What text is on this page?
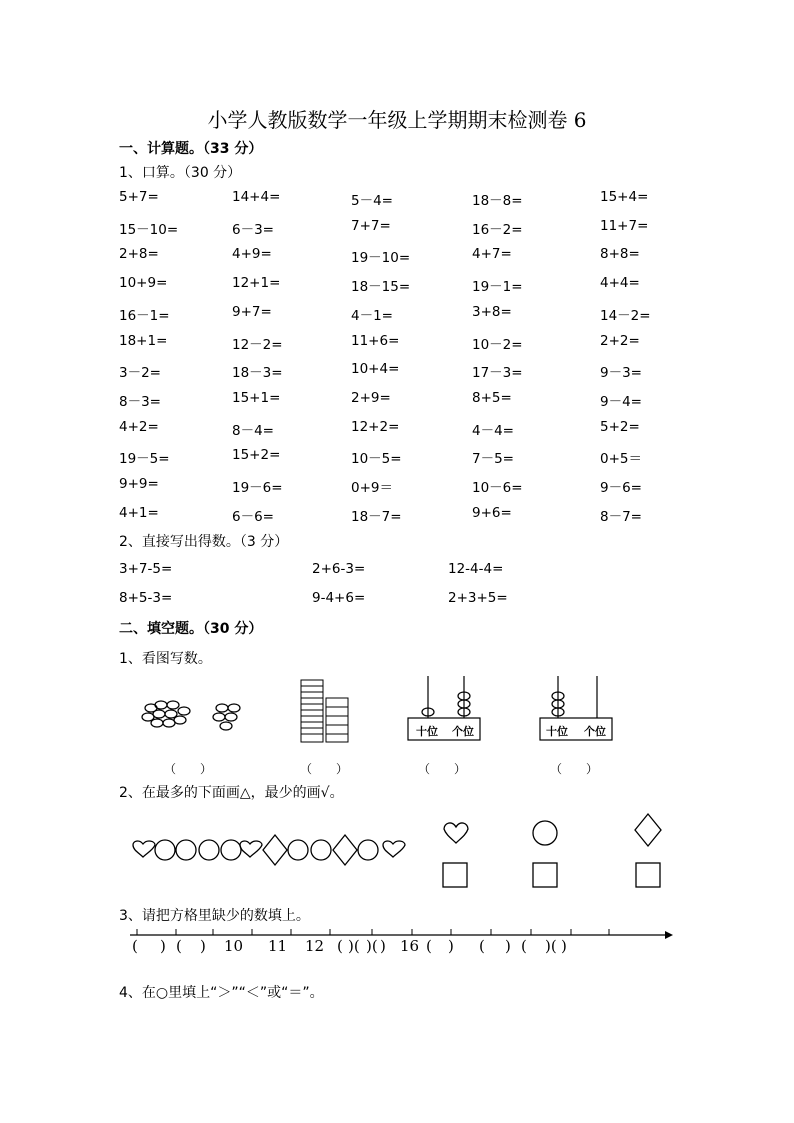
小学人教版数学一年级上学期期末检测卷 6
一、计算题。（33 分）
1、口算。（30 分）
5+7=	14+4=	5－4=	18－8=	15+4=
15－10=	6－3=	7+7=	16－2=	11+7=
2+8=	4+9=	19－10=	4+7=	8+8=
10+9=	12+1=	18－15=	19－1=	4+4=
16－1=	9+7=	4－1=	3+8=	14－2=
18+1=	12－2=	11+6=	10－2=	2+2=
3－2=	18－3=	10+4=	17－3=	9－3=
8－3=	15+1=	2+9=	8+5=	9－4=
4+2=	8－4=	12+2=	4－4=	5+2=
19－5=	15+2=	10－5=	7－5=	0+5＝
9+9=	19－6=	0+9＝	10－6=	9－6=
4+1=	6－6=	18－7=	9+6=	8－7=
2、直接写出得数。（3 分）
3+7-5=	2+6-3=	12-4-4=
8+5-3=	9-4+6=	2+3+5=
二、填空题。（30 分）
1、看图写数。
十位 个位	十位 个位
（　　）	（　　）	（　　）	（　　）
2、在最多的下面画△，最少的画√。
3、请把方格里缺少的数填上。
( ) ( ) 10 11 12 ( )( )( ) 16 ( ) ( ) ( )( )
4、在○里填上“＞”“＜”或“＝”。
